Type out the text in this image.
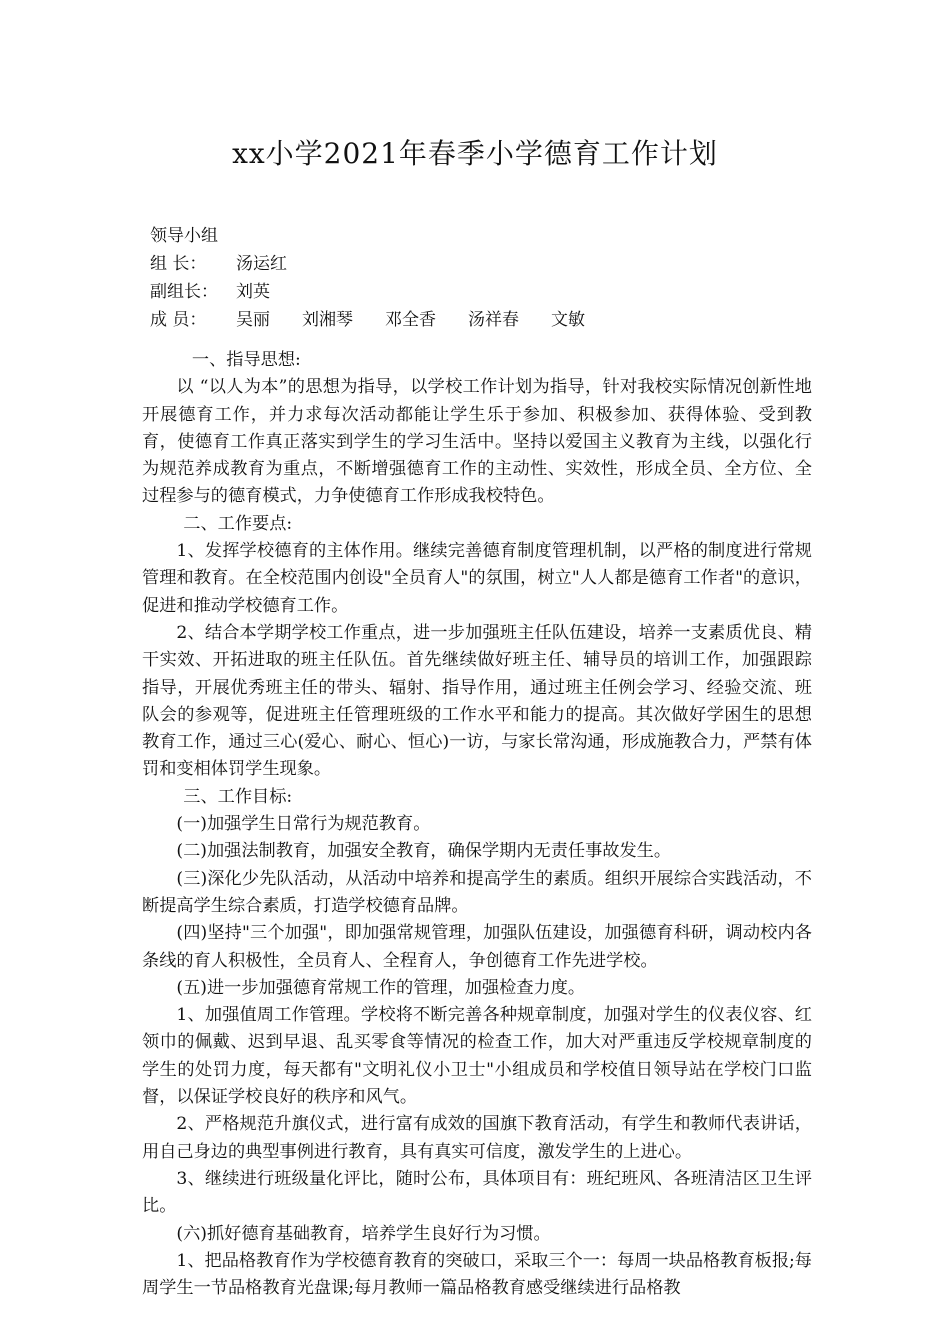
xx小学2021年春季小学德育工作计划
领导小组
组 长： 汤运红
副组长： 刘英
成 员： 吴丽 刘湘琴 邓全香 汤祥春 文敏

一、指导思想:

以 “以人为本”的思想为指导，以学校工作计划为指导，针对我校实际情况创新性地开展德育工作，并力求每次活动都能让学生乐于参加、积极参加、获得体验、受到教育，使德育工作真正落实到学生的学习生活中。坚持以爱国主义教育为主线，以强化行为规范养成教育为重点，不断增强德育工作的主动性、实效性，形成全员、全方位、全过程参与的德育模式，力争使德育工作形成我校特色。

二、工作要点:

1、发挥学校德育的主体作用。继续完善德育制度管理机制，以严格的制度进行常规管理和教育。在全校范围内创设"全员育人"的氛围，树立"人人都是德育工作者"的意识，促进和推动学校德育工作。

2、结合本学期学校工作重点，进一步加强班主任队伍建设，培养一支素质优良、精干实效、开拓进取的班主任队伍。首先继续做好班主任、辅导员的培训工作，加强跟踪指导，开展优秀班主任的带头、辐射、指导作用，通过班主任例会学习、经验交流、班队会的参观等，促进班主任管理班级的工作水平和能力的提高。其次做好学困生的思想教育工作，通过三心(爱心、耐心、恒心)一访，与家长常沟通，形成施教合力，严禁有体罚和变相体罚学生现象。

三、工作目标:

(一)加强学生日常行为规范教育。

(二)加强法制教育，加强安全教育，确保学期内无责任事故发生。

(三)深化少先队活动，从活动中培养和提高学生的素质。组织开展综合实践活动，不断提高学生综合素质，打造学校德育品牌。

(四)坚持"三个加强"，即加强常规管理，加强队伍建设，加强德育科研，调动校内各条线的育人积极性，全员育人、全程育人，争创德育工作先进学校。

(五)进一步加强德育常规工作的管理，加强检查力度。

1、加强值周工作管理。学校将不断完善各种规章制度，加强对学生的仪表仪容、红领巾的佩戴、迟到早退、乱买零食等情况的检查工作，加大对严重违反学校规章制度的学生的处罚力度，每天都有"文明礼仪小卫士"小组成员和学校值日领导站在学校门口监督，以保证学校良好的秩序和风气。

2、严格规范升旗仪式，进行富有成效的国旗下教育活动，有学生和教师代表讲话，用自己身边的典型事例进行教育，具有真实可信度，激发学生的上进心。

3、继续进行班级量化评比，随时公布，具体项目有：班纪班风、各班清洁区卫生评比。

(六)抓好德育基础教育，培养学生良好行为习惯。

1、把品格教育作为学校德育教育的突破口，采取三个一：每周一块品格教育板报;每周学生一节品格教育光盘课;每月教师一篇品格教育感受继续进行品格教
